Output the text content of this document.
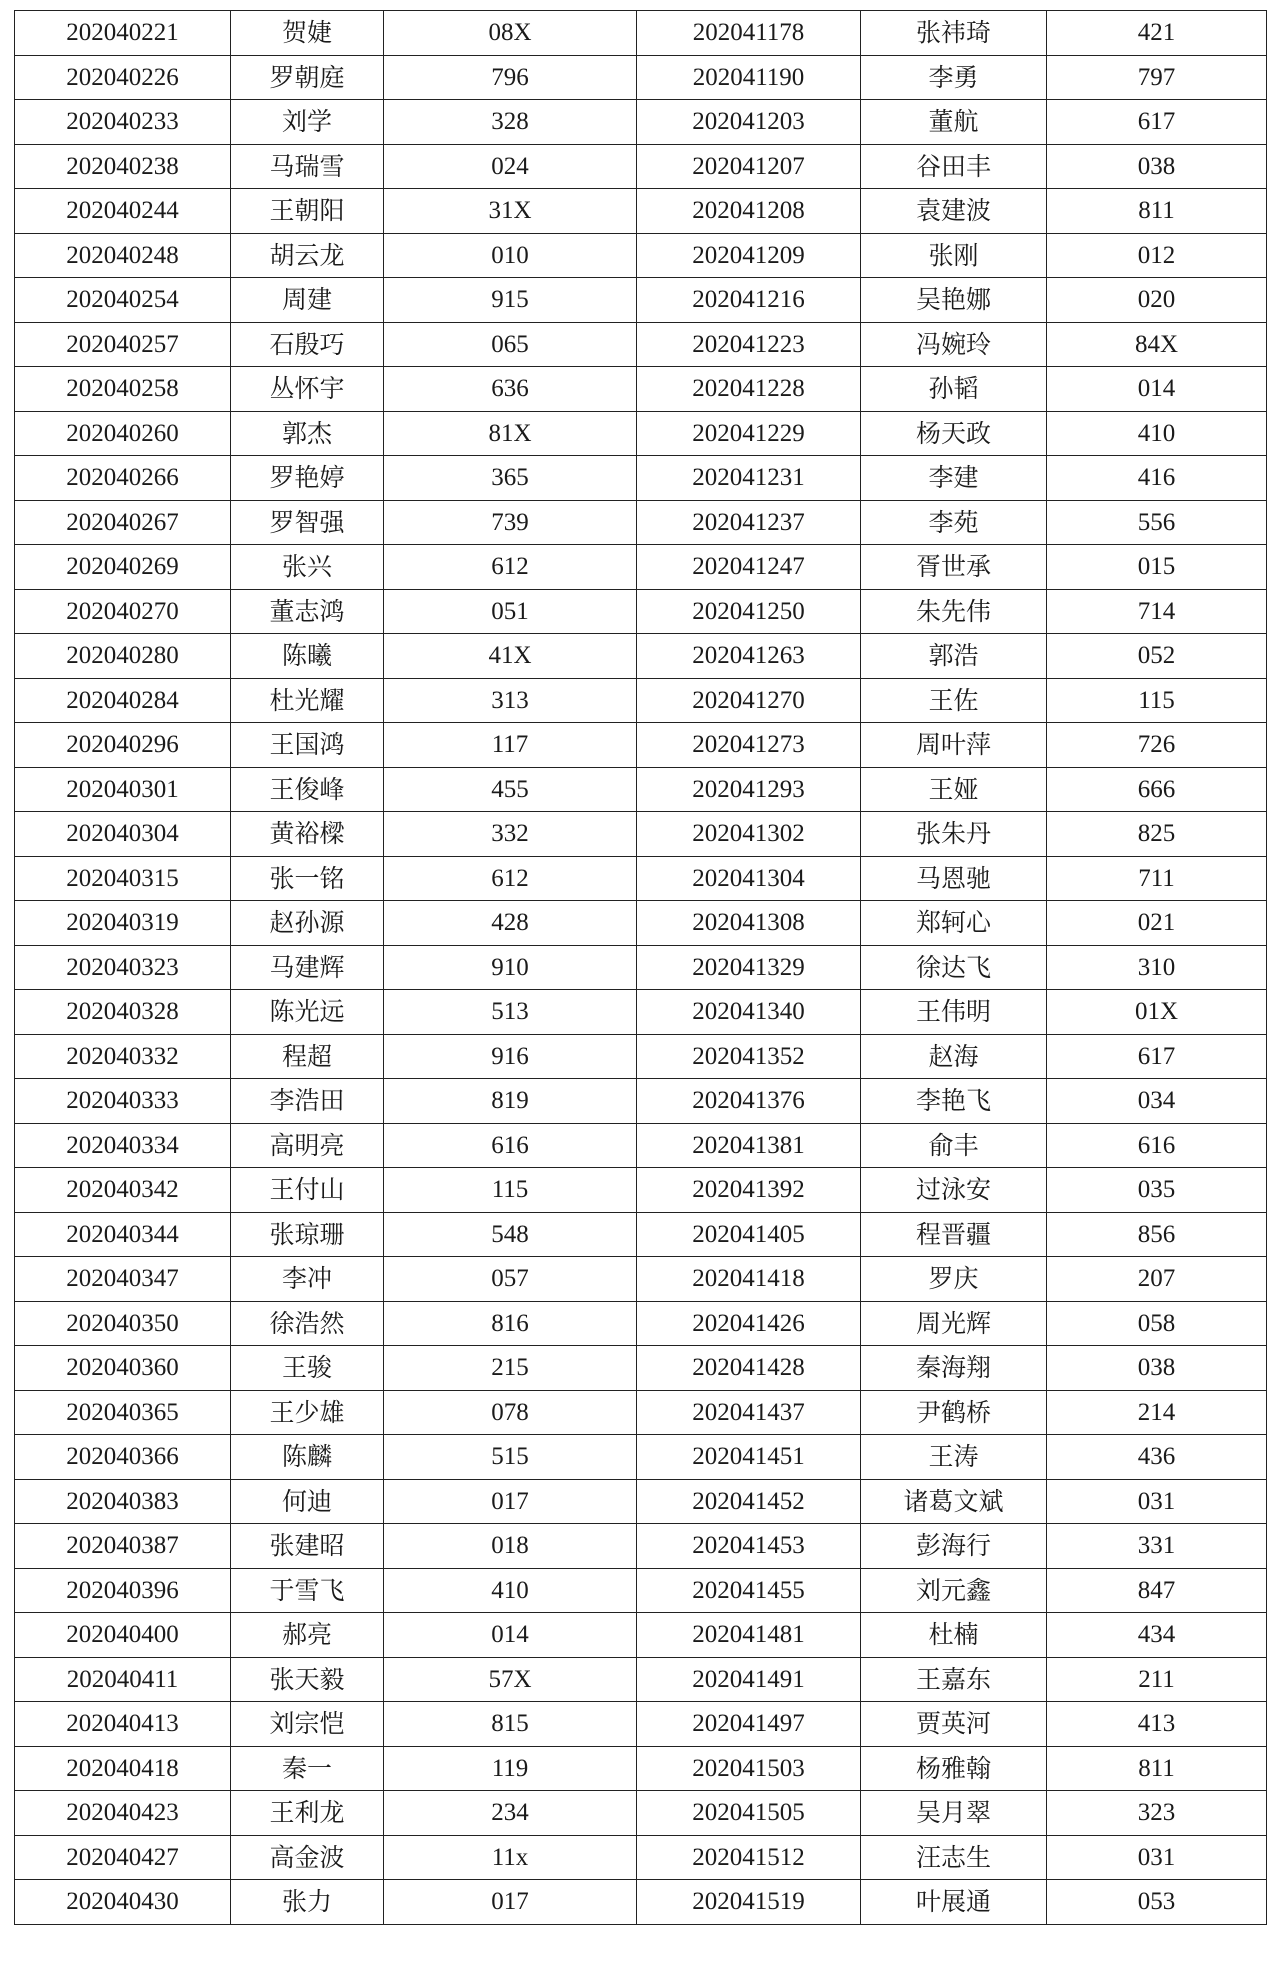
202040221	贺婕	08X	202041178	张祎琦	421
202040226	罗朝庭	796	202041190	李勇	797
202040233	刘学	328	202041203	董航	617
202040238	马瑞雪	024	202041207	谷田丰	038
202040244	王朝阳	31X	202041208	袁建波	811
202040248	胡云龙	010	202041209	张刚	012
202040254	周建	915	202041216	吴艳娜	020
202040257	石殷巧	065	202041223	冯婉玲	84X
202040258	丛怀宇	636	202041228	孙韬	014
202040260	郭杰	81X	202041229	杨天政	410
202040266	罗艳婷	365	202041231	李建	416
202040267	罗智强	739	202041237	李苑	556
202040269	张兴	612	202041247	胥世承	015
202040270	董志鸿	051	202041250	朱先伟	714
202040280	陈曦	41X	202041263	郭浩	052
202040284	杜光耀	313	202041270	王佐	115
202040296	王国鸿	117	202041273	周叶萍	726
202040301	王俊峰	455	202041293	王娅	666
202040304	黄裕樑	332	202041302	张朱丹	825
202040315	张一铭	612	202041304	马恩驰	711
202040319	赵孙源	428	202041308	郑轲心	021
202040323	马建辉	910	202041329	徐达飞	310
202040328	陈光远	513	202041340	王伟明	01X
202040332	程超	916	202041352	赵海	617
202040333	李浩田	819	202041376	李艳飞	034
202040334	高明亮	616	202041381	俞丰	616
202040342	王付山	115	202041392	过泳安	035
202040344	张琼珊	548	202041405	程晋疆	856
202040347	李冲	057	202041418	罗庆	207
202040350	徐浩然	816	202041426	周光辉	058
202040360	王骏	215	202041428	秦海翔	038
202040365	王少雄	078	202041437	尹鹤桥	214
202040366	陈麟	515	202041451	王涛	436
202040383	何迪	017	202041452	诸葛文斌	031
202040387	张建昭	018	202041453	彭海行	331
202040396	于雪飞	410	202041455	刘元鑫	847
202040400	郝亮	014	202041481	杜楠	434
202040411	张天毅	57X	202041491	王嘉东	211
202040413	刘宗恺	815	202041497	贾英河	413
202040418	秦一	119	202041503	杨雅翰	811
202040423	王利龙	234	202041505	吴月翠	323
202040427	高金波	11x	202041512	汪志生	031
202040430	张力	017	202041519	叶展通	053
